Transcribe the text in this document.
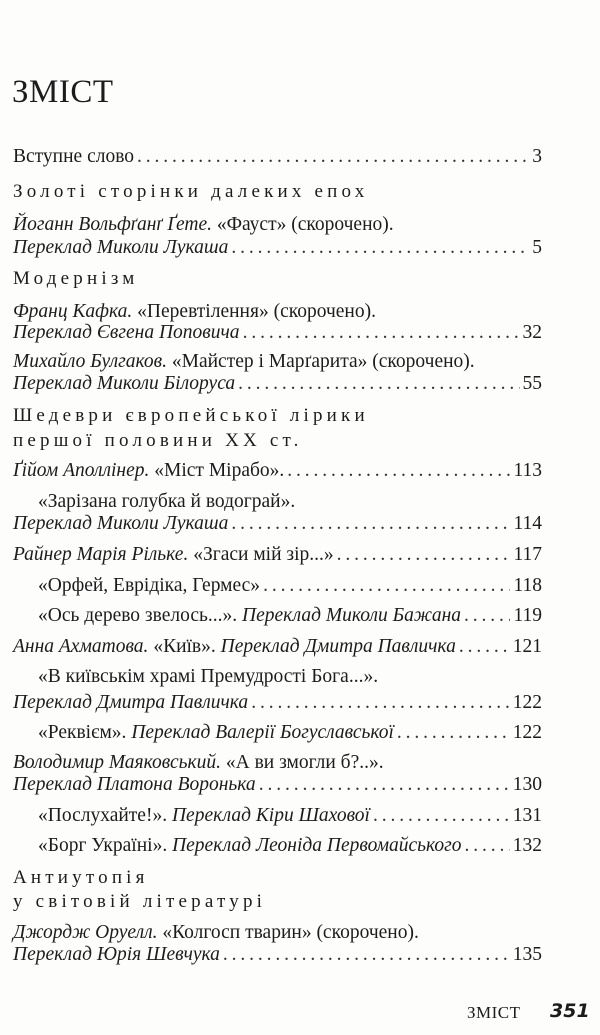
ЗМІСТ
Вступне слово . . .	3
Золоті сторінки далеких епох
Йоганн Вольфґанґ Ґете. «Фауст» (скорочено).
Переклад Миколи Лукаша . . .	5
Модернізм
Франц Кафка. «Перевтілення» (скорочено).
Переклад Євгена Поповича . . .	32
Михайло Булгаков. «Майстер і Марґарита» (скорочено).
Переклад Миколи Білоруса . . .	55
Шедеври європейської лірики
першої половини XX ст.
Ґійом Аполлінер. «Міст Мірабо». . . .	113
«Зарізана голубка й водограй».
Переклад Миколи Лукаша . . .	114
Райнер Марія Рільке. «Згаси мій зір...» . . .	117
«Орфей, Еврідіка, Гермес» . . .	118
«Ось дерево звелось...». Переклад Миколи Бажана . . .	119
Анна Ахматова. «Київ». Переклад Дмитра Павличка . . .	121
«В київськім храмі Премудрості Бога...».
Переклад Дмитра Павличка . . .	122
«Реквієм». Переклад Валерії Богуславської . . .	122
Володимир Маяковський. «А ви змогли б?..».
Переклад Платона Воронька . . .	130
«Послухайте!». Переклад Кіри Шахової . . .	131
«Борг Україні». Переклад Леоніда Первомайського . . .	132
Антиутопія
у світовій літературі
Джордж Оруелл. «Колгосп тварин» (скорочено).
Переклад Юрія Шевчука . . .	135
ЗМІСТ 351
